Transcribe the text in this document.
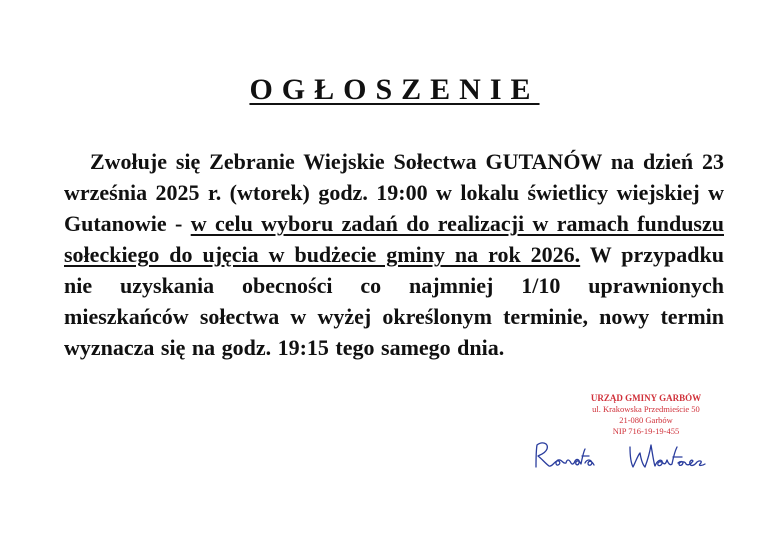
OGŁOSZENIE

Zwołuje się Zebranie Wiejskie Sołectwa GUTANÓW na dzień 23 września 2025 r. (wtorek) godz. 19:00 w lokalu świetlicy wiejskiej w Gutanowie - w celu wyboru zadań do realizacji w ramach funduszu sołeckiego do ujęcia w budżecie gminy na rok 2026. W przypadku nie uzyskania obecności co najmniej 1/10 uprawnionych mieszkańców sołectwa w wyżej określonym terminie, nowy termin wyznacza się na godz. 19:15 tego samego dnia.

URZĄD GMINY GARBÓW
ul. Krakowska Przedmieście 50
21-080 Garbów
NIP 716-19-19-455
